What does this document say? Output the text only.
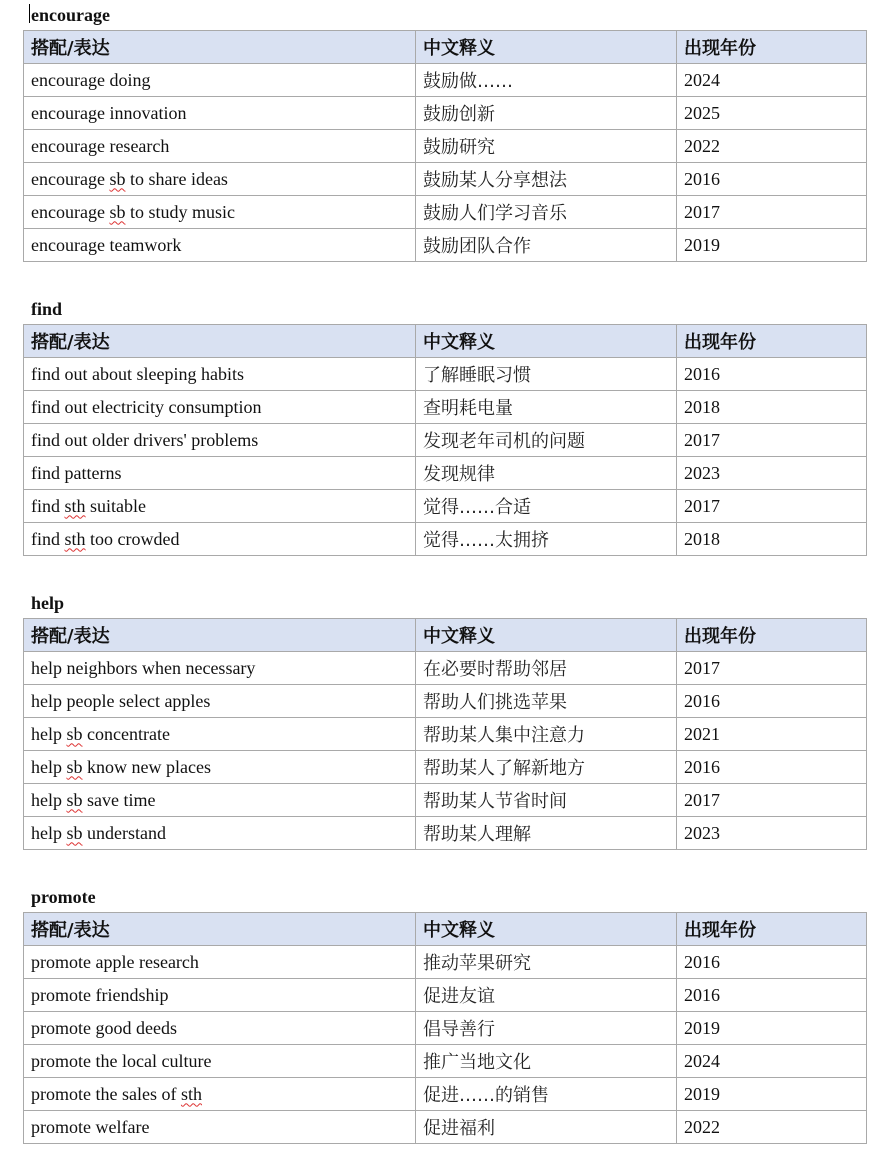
encourage
搭配/表达	中文释义	出现年份
encourage doing	鼓励做……	2024
encourage innovation	鼓励创新	2025
encourage research	鼓励研究	2022
encourage sb to share ideas	鼓励某人分享想法	2016
encourage sb to study music	鼓励人们学习音乐	2017
encourage teamwork	鼓励团队合作	2019
find
搭配/表达	中文释义	出现年份
find out about sleeping habits	了解睡眠习惯	2016
find out electricity consumption	查明耗电量	2018
find out older drivers' problems	发现老年司机的问题	2017
find patterns	发现规律	2023
find sth suitable	觉得……合适	2017
find sth too crowded	觉得……太拥挤	2018
help
搭配/表达	中文释义	出现年份
help neighbors when necessary	在必要时帮助邻居	2017
help people select apples	帮助人们挑选苹果	2016
help sb concentrate	帮助某人集中注意力	2021
help sb know new places	帮助某人了解新地方	2016
help sb save time	帮助某人节省时间	2017
help sb understand	帮助某人理解	2023
promote
搭配/表达	中文释义	出现年份
promote apple research	推动苹果研究	2016
promote friendship	促进友谊	2016
promote good deeds	倡导善行	2019
promote the local culture	推广当地文化	2024
promote the sales of sth	促进……的销售	2019
promote welfare	促进福利	2022
